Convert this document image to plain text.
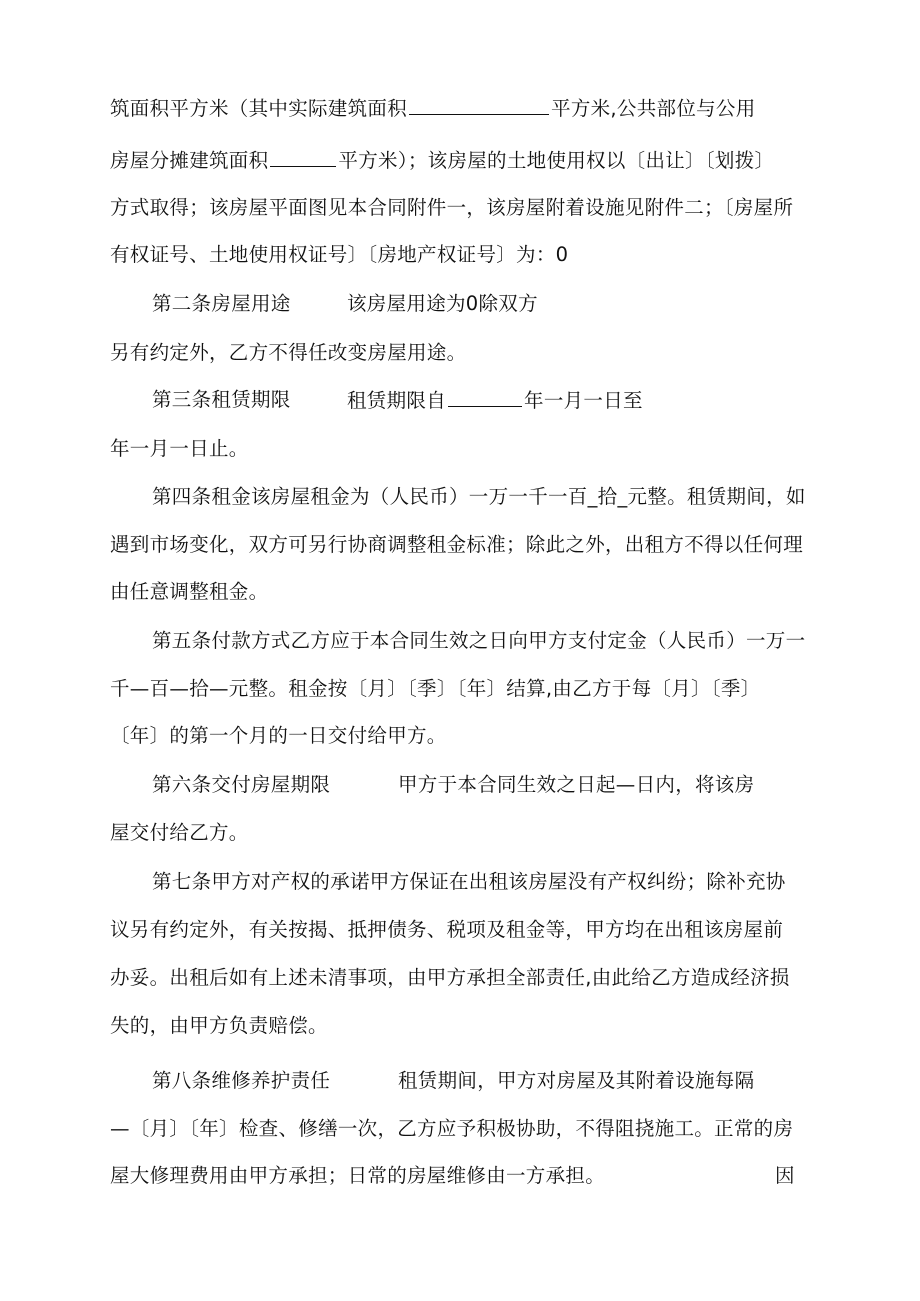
筑面积平方米（其中实际建筑面积	平方米,公共部位与公用
房屋分摊建筑面积	平方米）；该房屋的土地使用权以〔出让〕〔划拨〕
方式取得；该房屋平面图见本合同附件一，该房屋附着设施见附件二；〔房屋所
有权证号、土地使用权证号〕〔房地产权证号〕为：0
第二条房屋用途	该房屋用途为0除双方
另有约定外，乙方不得任改变房屋用途。
第三条租赁期限	租赁期限自	年一月一日至
年一月一日止。
第四条租金该房屋租金为（人民币）一万一千一百_拾_元整。租赁期间，如
遇到市场变化，双方可另行协商调整租金标准；除此之外，出租方不得以任何理
由任意调整租金。
第五条付款方式乙方应于本合同生效之日向甲方支付定金（人民币）一万一
千—百—拾—元整。租金按〔月〕〔季〕〔年〕结算,由乙方于每〔月〕〔季〕
〔年〕的第一个月的一日交付给甲方。
第六条交付房屋期限	甲方于本合同生效之日起—日内，将该房
屋交付给乙方。
第七条甲方对产权的承诺甲方保证在出租该房屋没有产权纠纷；除补充协
议另有约定外，有关按揭、抵押债务、税项及租金等，甲方均在出租该房屋前
办妥。出租后如有上述未清事项，由甲方承担全部责任,由此给乙方造成经济损
失的，由甲方负责赔偿。
第八条维修养护责任	租赁期间，甲方对房屋及其附着设施每隔
—〔月〕〔年〕检查、修缮一次，乙方应予积极协助，不得阻挠施工。正常的房
屋大修理费用由甲方承担；日常的房屋维修由一方承担。	因
